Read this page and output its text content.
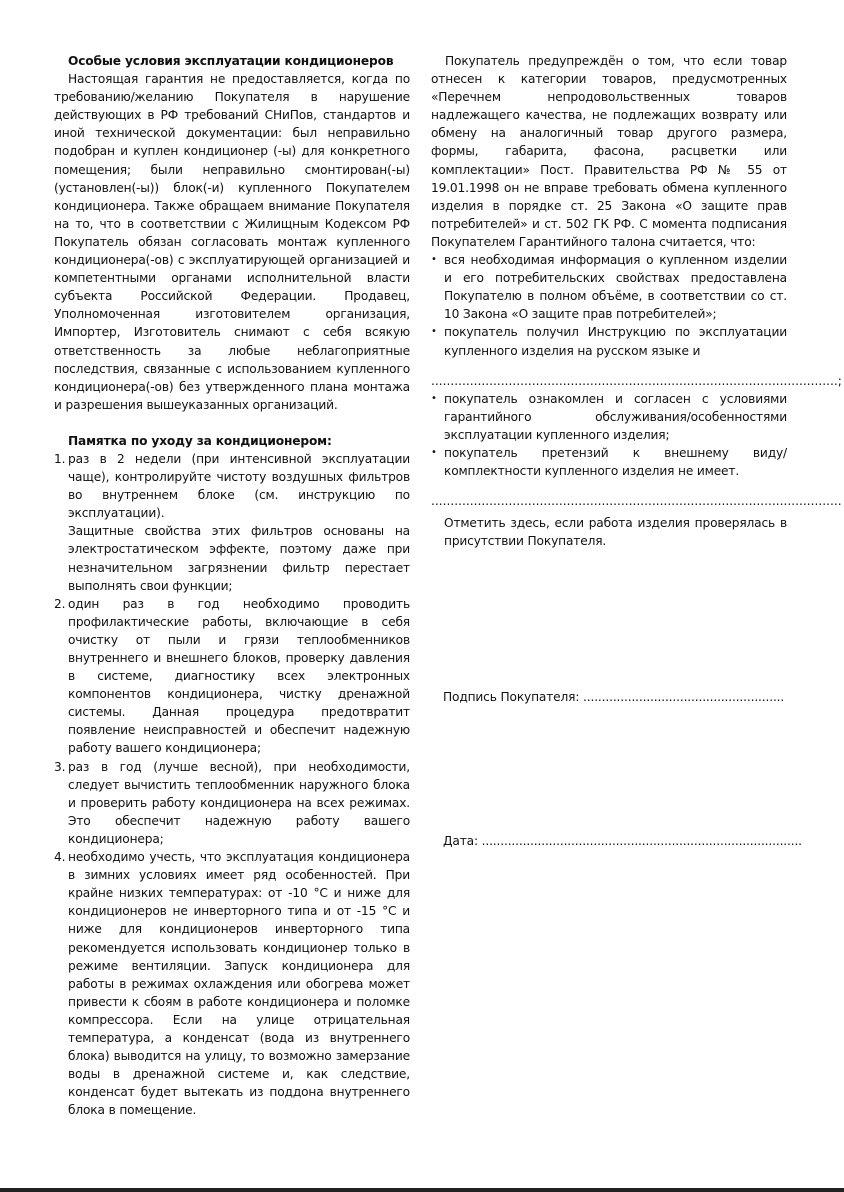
Особые условия эксплуатации кондиционеров

Настоящая гарантия не предоставляется, когда по требованию/желанию Покупателя в нарушение действующих в РФ требований СНиПов, стандартов и иной технической документации: был неправильно подобран и куплен кондиционер (-ы) для конкретного помещения; были неправильно смонтирован(-ы) (установлен(-ы)) блок(-и) купленного Покупателем кондиционера. Также обращаем внимание Покупателя на то, что в соответствии с Жилищным Кодексом РФ Покупатель обязан согласовать монтаж купленного кондиционера(-ов) с эксплуатирующей организацией и компетентными органами исполнительной власти субъекта Российской Федерации. Продавец, Уполномоченная изготовителем организация, Импортер, Изготовитель снимают с себя всякую ответственность за любые неблагоприятные последствия, связанные с использованием купленного кондиционера(-ов) без утвержденного плана монтажа и разрешения вышеуказанных организаций.

Памятка по уходу за кондиционером:
1. раз в 2 недели (при интенсивной эксплуатации чаще), контролируйте чистоту воздушных фильтров во внутреннем блоке (см. инструкцию по эксплуатации).
Защитные свойства этих фильтров основаны на электростатическом эффекте, поэтому даже при незначительном загрязнении фильтр перестает выполнять свои функции;
2. один раз в год необходимо проводить профилактические работы, включающие в себя очистку от пыли и грязи теплообменников внутреннего и внешнего блоков, проверку давления в системе, диагностику всех электронных компонентов кондиционера, чистку дренажной системы. Данная процедура предотвратит появление неисправностей и обеспечит надежную работу вашего кондиционера;
3. раз в год (лучше весной), при необходимости, следует вычистить теплообменник наружного блока и проверить работу кондиционера на всех режимах. Это обеспечит надежную работу вашего кондиционера;
4. необходимо учесть, что эксплуатация кондиционера в зимних условиях имеет ряд особенностей. При крайне низких температурах: от -10 °С и ниже для кондиционеров не инверторного типа и от -15 °С и ниже для кондиционеров инверторного типа рекомендуется использовать кондиционер только в режиме вентиляции. Запуск кондиционера для работы в режимах охлаждения или обогрева может привести к сбоям в работе кондиционера и поломке компрессора. Если на улице отрицательная температура, а конденсат (вода из внутреннего блока) выводится на улицу, то возможно замерзание воды в дренажной системе и, как следствие, конденсат будет вытекать из поддона внутреннего блока в помещение.

Покупатель предупреждён о том, что если товар отнесен к категории товаров, предусмотренных «Перечнем непродовольственных товаров надлежащего качества, не подлежащих возврату или обмену на аналогичный товар другого размера, формы, габарита, фасона, расцветки или комплектации» Пост. Правительства РФ № 55 от 19.01.1998 он не вправе требовать обмена купленного изделия в порядке ст. 25 Закона «О защите прав потребителей» и ст. 502 ГК РФ. С момента подписания Покупателем Гарантийного талона считается, что:

• вся необходимая информация о купленном изделии и его потребительских свойствах предоставлена Покупателю в полном объёме, в соответствии со ст. 10 Закона «О защите прав потребителей»;
• покупатель получил Инструкцию по эксплуатации купленного изделия на русском языке и
.........................................................................................................;
• покупатель ознакомлен и согласен с условиями гарантийного обслуживания/особенностями эксплуатации купленного изделия;
• покупатель претензий к внешнему виду/комплектности купленного изделия не имеет.
..........................................................................................................
Отметить здесь, если работа изделия проверялась в присутствии Покупателя.
Подпись Покупателя: ......................................................
Дата: ......................................................................................
